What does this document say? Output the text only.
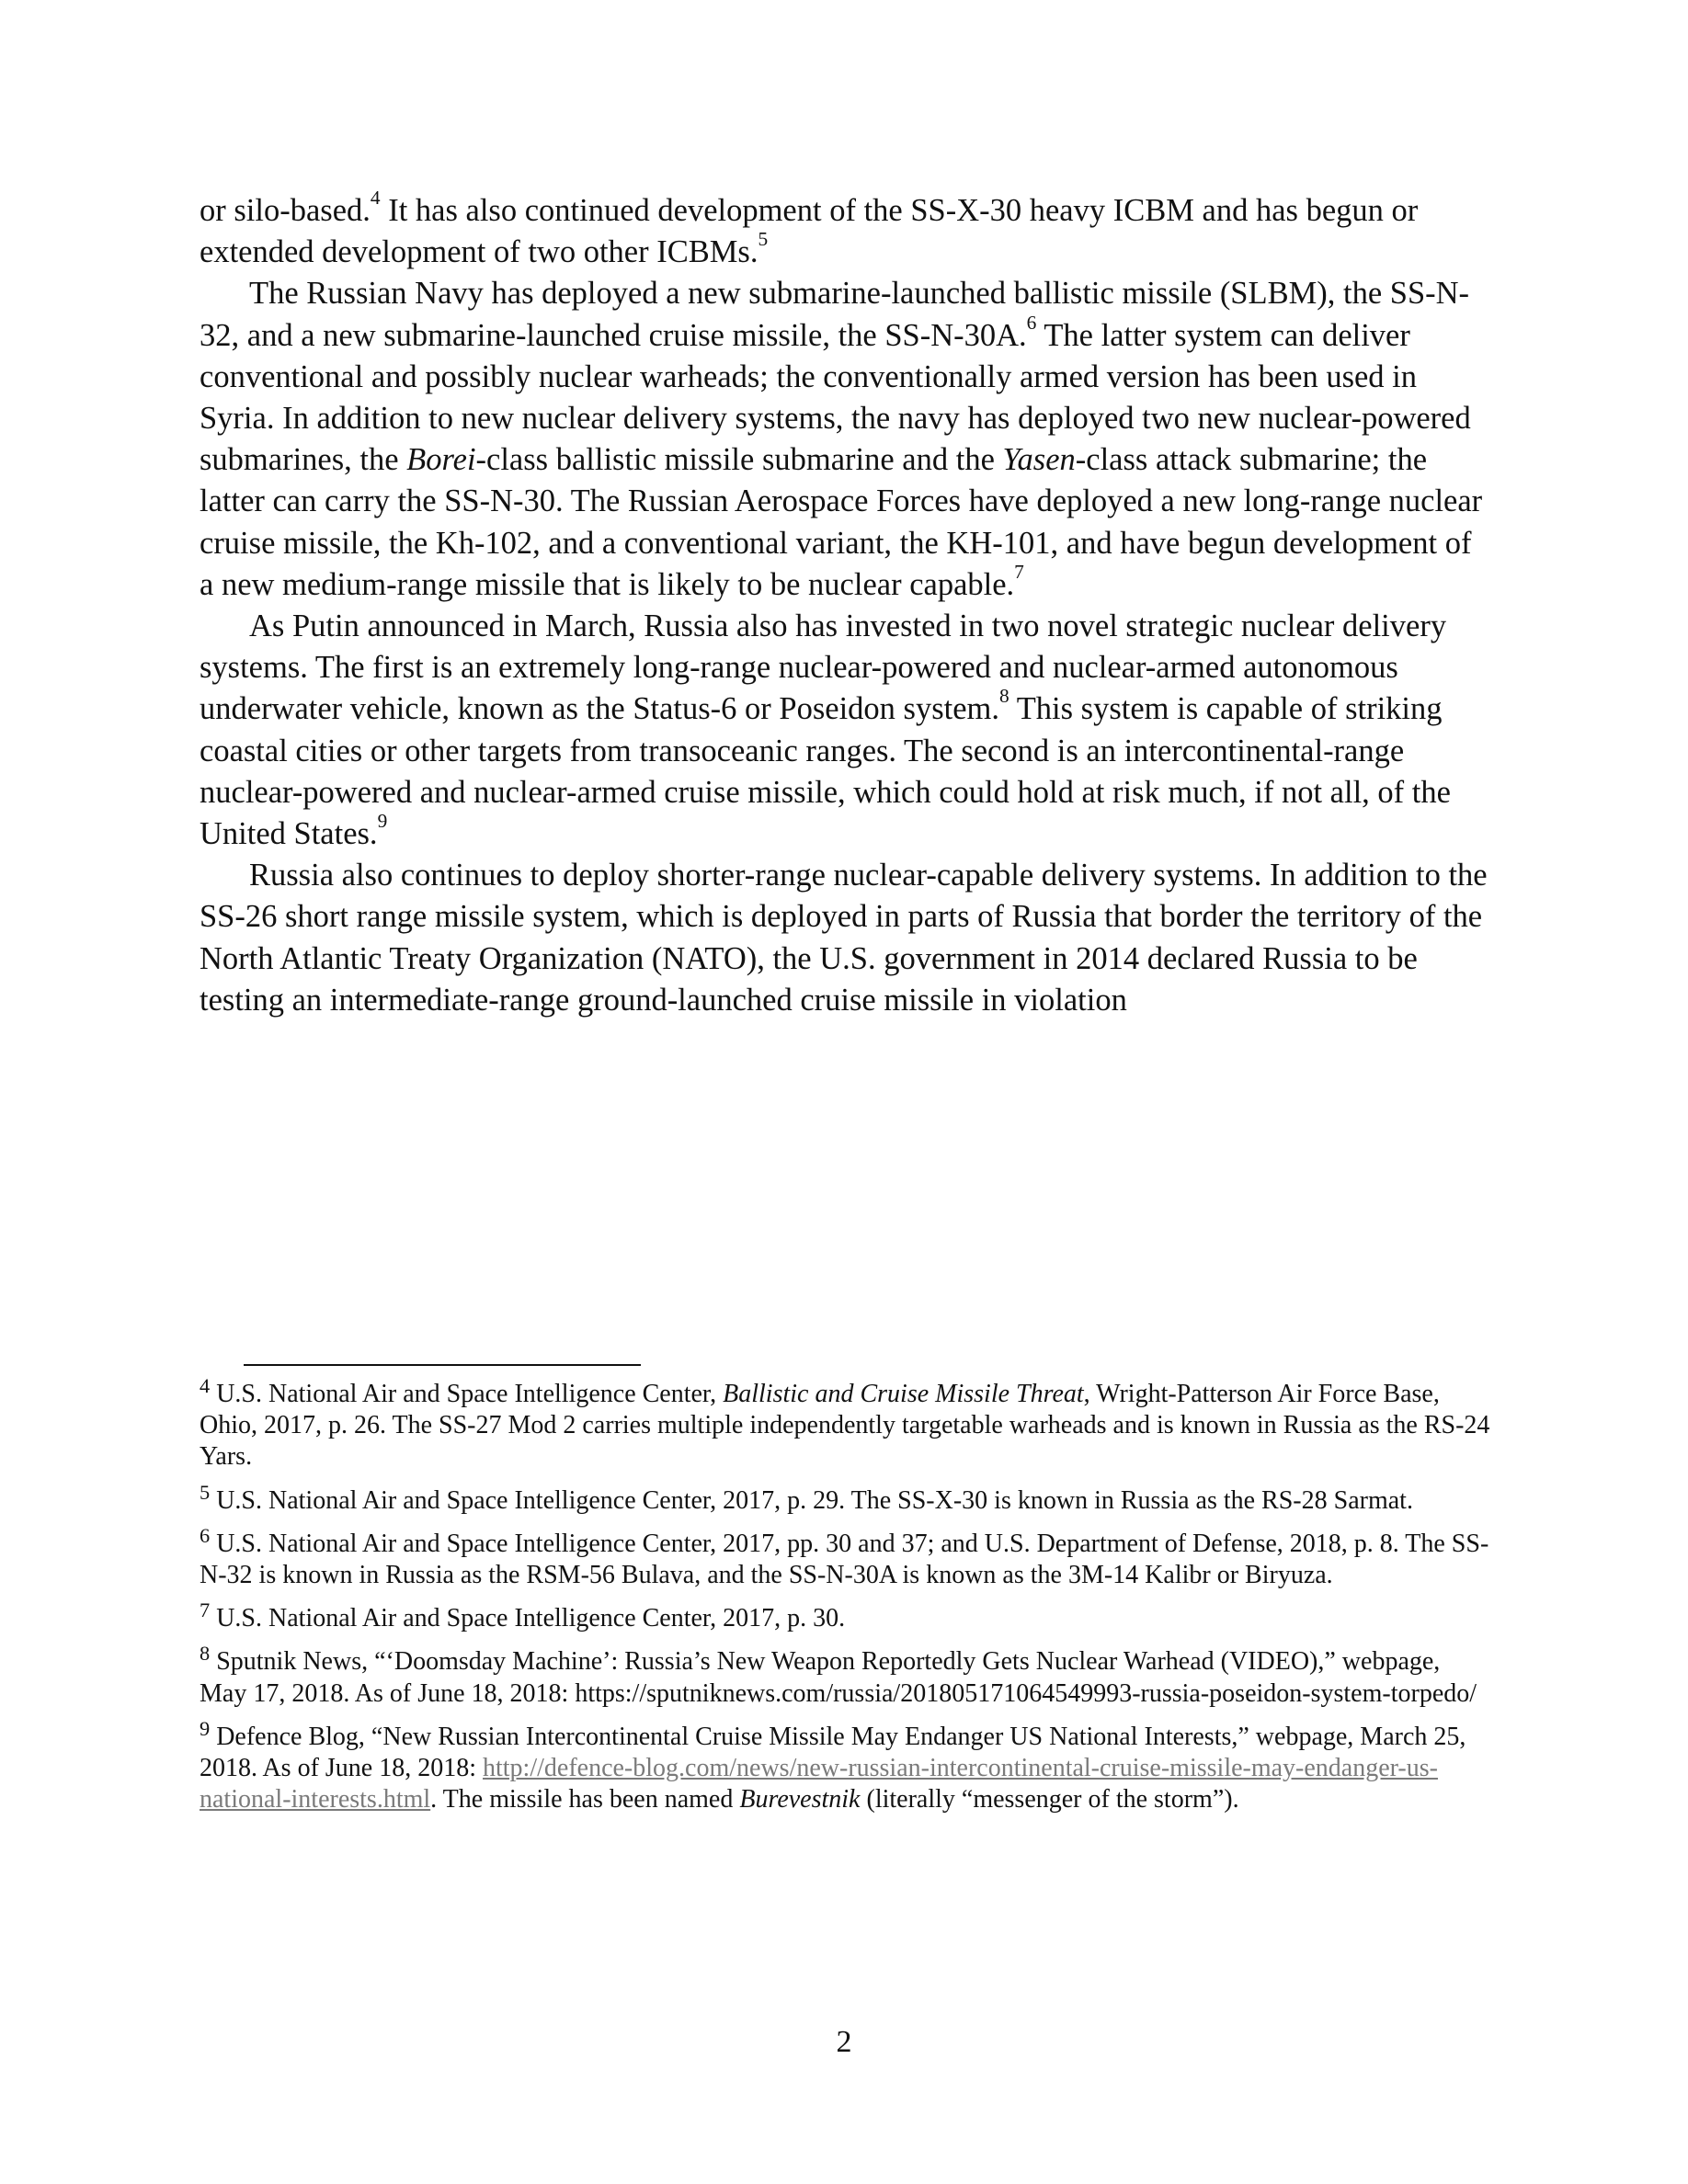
or silo-based.$^4$ It has also continued development of the SS-X-30 heavy ICBM and has begun or extended development of two other ICBMs.$^5$

The Russian Navy has deployed a new submarine-launched ballistic missile (SLBM), the SS-N-32, and a new submarine-launched cruise missile, the SS-N-30A.$^6$ The latter system can deliver conventional and possibly nuclear warheads; the conventionally armed version has been used in Syria. In addition to new nuclear delivery systems, the navy has deployed two new nuclear-powered submarines, the Borei-class ballistic missile submarine and the Yasen-class attack submarine; the latter can carry the SS-N-30. The Russian Aerospace Forces have deployed a new long-range nuclear cruise missile, the Kh-102, and a conventional variant, the KH-101, and have begun development of a new medium-range missile that is likely to be nuclear capable.$^7$

As Putin announced in March, Russia also has invested in two novel strategic nuclear delivery systems. The first is an extremely long-range nuclear-powered and nuclear-armed autonomous underwater vehicle, known as the Status-6 or Poseidon system.$^8$ This system is capable of striking coastal cities or other targets from transoceanic ranges. The second is an intercontinental-range nuclear-powered and nuclear-armed cruise missile, which could hold at risk much, if not all, of the United States.$^9$

Russia also continues to deploy shorter-range nuclear-capable delivery systems. In addition to the SS-26 short range missile system, which is deployed in parts of Russia that border the territory of the North Atlantic Treaty Organization (NATO), the U.S. government in 2014 declared Russia to be testing an intermediate-range ground-launched cruise missile in violation

$^4$ U.S. National Air and Space Intelligence Center, Ballistic and Cruise Missile Threat, Wright-Patterson Air Force Base, Ohio, 2017, p. 26. The SS-27 Mod 2 carries multiple independently targetable warheads and is known in Russia as the RS-24 Yars.

$^5$ U.S. National Air and Space Intelligence Center, 2017, p. 29. The SS-X-30 is known in Russia as the RS-28 Sarmat.

$^6$ U.S. National Air and Space Intelligence Center, 2017, pp. 30 and 37; and U.S. Department of Defense, 2018, p. 8. The SS-N-32 is known in Russia as the RSM-56 Bulava, and the SS-N-30A is known as the 3M-14 Kalibr or Biryuza.

$^7$ U.S. National Air and Space Intelligence Center, 2017, p. 30.

$^8$ Sputnik News, “‘Doomsday Machine’: Russia’s New Weapon Reportedly Gets Nuclear Warhead (VIDEO),” webpage, May 17, 2018. As of June 18, 2018: https://sputniknews.com/russia/201805171064549993-russia-poseidon-system-torpedo/

$^9$ Defence Blog, “New Russian Intercontinental Cruise Missile May Endanger US National Interests,” webpage, March 25, 2018. As of June 18, 2018: http://defence-blog.com/news/new-russian-intercontinental-cruise-missile-may-endanger-us-national-interests.html. The missile has been named Burevestnik (literally “messenger of the storm”).

2
